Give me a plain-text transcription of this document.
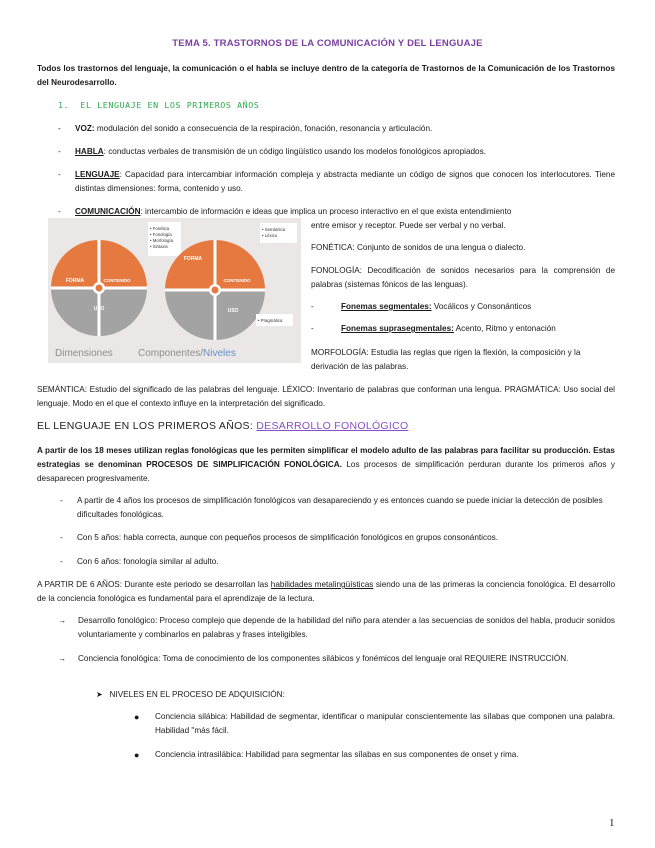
TEMA 5. TRASTORNOS DE LA COMUNICACIÓN Y DEL LENGUAJE
Todos los trastornos del lenguaje, la comunicación o el habla se incluye dentro de la categoría de Trastornos de la Comunicación de los Trastornos del Neurodesarrollo.
1. EL LENGUAJE EN LOS PRIMEROS AÑOS
- VOZ: modulación del sonido a consecuencia de la respiración, fonación, resonancia y articulación.
- HABLA: conductas verbales de transmisión de un código lingüístico usando los modelos fonológicos apropiados.
- LENGUAJE: Capacidad para intercambiar información compleja y abstracta mediante un código de signos que conocen los interlocutores. Tiene distintas dimensiones: forma, contenido y uso.
- COMUNICACIÓN: intercambio de información e ideas que implica un proceso interactivo en el que exista entendimiento
entre emisor y receptor. Puede ser verbal y no verbal.
FORMA	CONTENIDO
USO
• Fonética • Fonología • Morfología • Sintaxis
FORMA
CONTENIDO
USO
• Semántica • Léxico
• Pragmática
Dimensiones	Componentes/Niveles
FONÉTICA: Conjunto de sonidos de una lengua o dialecto.
FONOLOGÍA: Decodificación de sonidos necesarios para la comprensión de palabras (sistemas fónicos de las lenguas).
-	Fonemas segmentales: Vocálicos y Consonánticos
-	Fonemas suprasegmentales: Acento, Ritmo y entonación
MORFOLOGÍA: Estudia las reglas que rigen la flexión, la composición y la derivación de las palabras.
SEMÁNTICA: Estudio del significado de las palabras del lenguaje. LÉXICO: Inventario de palabras que conforman una lengua. PRAGMÁTICA: Uso social del lenguaje. Modo en el que el contexto influye en la interpretación del significado.
EL LENGUAJE EN LOS PRIMEROS AÑOS: DESARROLLO FONOLÓGICO
A partir de los 18 meses utilizan reglas fonológicas que les permiten simplificar el modelo adulto de las palabras para facilitar su producción. Estas estrategias se denominan PROCESOS DE SIMPLIFICACIÓN FONOLÓGICA. Los procesos de simplificación perduran durante los primeros años y desaparecen progresivamente.
- A partir de 4 años los procesos de simplificación fonológicos van desapareciendo y es entonces cuando se puede iniciar la detección de posibles dificultades fonológicas.
- Con 5 años: habla correcta, aunque con pequeños procesos de simplificación fonológicos en grupos consonánticos.
- Con 6 años: fonología similar al adulto.
A PARTIR DE 6 AÑOS: Durante este periodo se desarrollan las habilidades metalingüísticas siendo una de las primeras la conciencia fonológica. El desarrollo de la conciencia fonológica es fundamental para el aprendizaje de la lectura.
→ Desarrollo fonológico: Proceso complejo que depende de la habilidad del niño para atender a las secuencias de sonidos del habla, producir sonidos voluntariamente y combinarlos en palabras y frases inteligibles.
→ Conciencia fonológica: Toma de conocimiento de los componentes silábicos y fonémicos del lenguaje oral REQUIERE INSTRUCCIÓN.
➤ NIVELES EN EL PROCESO DE ADQUISICIÓN:
● Conciencia silábica: Habilidad de segmentar, identificar o manipular conscientemente las sílabas que componen una palabra. Habilidad "más fácil.
● Conciencia intrasilábica: Habilidad para segmentar las sílabas en sus componentes de onset y rima.
1
